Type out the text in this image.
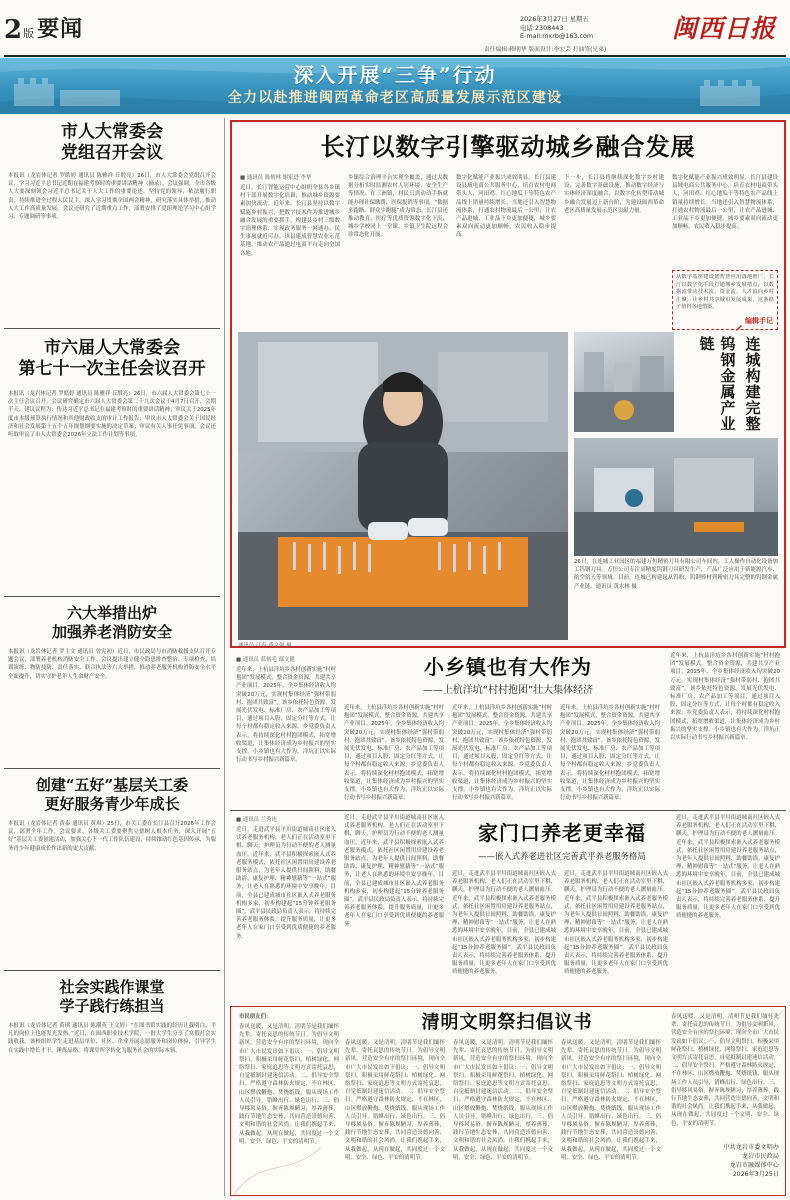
2 版 要闻	2026年3月27日 星期五
电话:2308443
E-mail:mxrb@163.com
责任编辑:赖明华 版面设计:李宏芸 打油签(兄弟)
闽西日报
深入开展“三争”行动
全力以赴推进闽西革命老区高质量发展示范区建设
市人大常委会
党组召开会议
本报讯（龙岩体记者 罗皓婷 通讯员 陈雅祥 丘殷亮）26日，市人大常委会党组召开会议，学习习近平总书记近期在福建考察时的重要讲话精神（摘录）。会议强调，全市各级人大要深刻领会习近平总书记关于人大工作的重要论述，坚持党的领导，依法履行职责，持续推进全过程人民民主，深入学习贯彻全国两会精神，研究落实具体举措，推动人大工作高质量发展。会议还研究了近期重点工作，部署安排了党组理论学习中心组学习、专题调研等事项。
市六届人大常委会
第七十一次主任会议召开
本报讯（龙岩体记者 罗皓婷 通讯员 陈雅祥 丘殷亮）26日，市六届人大常委会第七十一次主任会议召开。会议研究确定市六届人大常委会第二十九次会议于4月7日召开，会期半天。建议议程为：传达习近平总书记在福建考察时的重要讲话精神；审议关于2025年度市本级预算执行情况和其他财政收支的审计工作报告；审议市人大常委会关于国民经济和社会发展第十五个五年规划纲要实施的决定草案；审议有关人事任免事项。会议还听取审议了市人大常委会2026年立法工作计划等事项。
六大举措出炉
加强养老消防安全
本报讯（龙岩体记者 罗主文 通讯员 曾宪初）近日，市民政局与市消防救援支队召开专题会议，部署养老机构消防安全工作。会议提出建立健全隐患排查整治、专项检查、培训演练、物防技防、责任落实、联合执法等六大举措，推动养老服务机构消防安全水平全面提升，切实守护老年人生命财产安全。
创建“五好”基层关工委
更好服务青少年成长
本报讯（龙岩体记者 黄泰 通讯员 黄琪）25日，市关工委在长汀县召开2026年工作会议，部署全年工作。会议要求，各级关工委要聚焦立德树人根本任务，深入开展“五好”基层关工委创建活动，加强关心下一代工作队伍建设，持续推动红色基因传承，为服务青少年健康成长作出新的更大贡献。
社会实践作课堂
学子践行练担当
本报讯（龙岩体记者 黄琪 通讯员 陈潮英 王文婷）“在图书馆实践的经历让我明白，平凡的岗位上也能发光发热。”近日，在闽西职业技术学院，一批大学生分享了寒假社会实践收获。该校组织学生走进基层单位、社区、企业开展志愿服务和岗位体验，引导学生在实践中增长才干、锤炼品格，将课堂所学转化为服务社会的实际本领。
长汀以数字引擎驱动城乡融合发展
■ 通讯员 陈炳林 谢家进 李华
近日，长汀智能运营中心组织全县各乡镇村干部开展数字化培训，推动城乡资源要素加快流动。近年来，长汀县坚持以数字赋能乡村振兴，把数字技术作为推进城乡融合发展的重要抓手，构建县乡村三级数字治理体系，实现政务服务一网通办、民生事项就近可办。该县建成智慧农业示范基地，推动农产品通过电商平台走向全国各地。
乡镇综合治理平台实现全覆盖，通过大数据分析实时监测农村人居环境、安全生产等情况。在三洲镇，村民只需动动手指就能办理社保缴费、医保报销等事项，“数据多跑路、群众少跑腿”成为常态。长汀县还推动教育、医疗等优质资源数字化下沉，城乡学校同上一堂课，乡镇卫生院远程会诊常态化开展。
数字化赋能产业振兴成效明显。长汀县建设县域电商公共服务中心，培育农村电商带头人，河田鸡、红心地瓜干等特色农产品线上销量持续增长。当地还引入智慧物流体系，打通农村物流最后一公里，让农产品进城、工业品下乡更加便捷，城乡要素双向流动更加顺畅，农民收入稳步提高。
下一步，长汀县将继续深化数字乡村建设，完善数字基础设施，推动数字经济与实体经济深度融合，以数字化转型带动城乡融合发展迈上新台阶，为建设闽西革命老区高质量发展示范区贡献力量。
数字化赋能产业振兴成效明显。长汀县建设县域电商公共服务中心，培育农村电商带头人，河田鸡、红心地瓜干等特色农产品线上销量持续增长。当地还引入智慧物流体系，打通农村物流最后一公里，让农产品进城、工业品下乡更加便捷，城乡要素双向流动更加顺畅，农民收入稳步提高。
从数字基座建设到智慧应用落地推广，长汀以数字化手段打通城乡发展堵点，以数据流带动技术流、资金流、人才流向乡村汇聚，让乡村共享城市发展成果，这条路子值得各地借鉴。
编辑手记
通讯员 江春 黄文强 摄
连城构建完整
钨钢金属产业链
26日，在连城工业园区的福建万恒精密刀具有限公司车间内，工人操作自动化设备加工钨钢刀具。万恒公司专注高精度钨钢刀具研发生产，产品广泛应用于新能源汽车、航空航天等领域。目前，连城已构建起从钨粉、钨钢棒材到精密刀具完整的钨钢金属产业链。通讯员 黄水林 摄
■ 通讯员 蓝炳毛 鄢文健
近年来，上杭县洋坑乡各村创新实施“村村抱团”发展模式，整合资金资源，共建共享产业项目。2025年，全乡集体经济收入均突破20万元，实现村集体经济“强村带弱村、抱团共致富”。该乡依托特色资源，发展光伏发电、标准厂房、农产品加工等项目，通过项目入股、固定分红等方式，让每个村都有稳定收入来源。乡党委负责人表示，将持续深化村村抱团模式，拓宽增收渠道，让集体经济成为乡村振兴的坚实支撑。小乡镇也有大作为，洋坑正以实际行动书写乡村振兴新篇章。
小乡镇也有大作为
——上杭洋坑“村村抱团”壮大集体经济
近年来，上杭县洋坑乡各村创新实施“村村抱团”发展模式，整合资金资源，共建共享产业项目。2025年，全乡集体经济收入均突破20万元，实现村集体经济“强村带弱村、抱团共致富”。该乡依托特色资源，发展光伏发电、标准厂房、农产品加工等项目，通过项目入股、固定分红等方式，让每个村都有稳定收入来源。乡党委负责人表示，将持续深化村村抱团模式，拓宽增收渠道，让集体经济成为乡村振兴的坚实支撑。小乡镇也有大作为，洋坑正以实际行动书写乡村振兴新篇章。
近年来，上杭县洋坑乡各村创新实施“村村抱团”发展模式，整合资金资源，共建共享产业项目。2025年，全乡集体经济收入均突破20万元，实现村集体经济“强村带弱村、抱团共致富”。该乡依托特色资源，发展光伏发电、标准厂房、农产品加工等项目，通过项目入股、固定分红等方式，让每个村都有稳定收入来源。乡党委负责人表示，将持续深化村村抱团模式，拓宽增收渠道，让集体经济成为乡村振兴的坚实支撑。小乡镇也有大作为，洋坑正以实际行动书写乡村振兴新篇章。
近年来，上杭县洋坑乡各村创新实施“村村抱团”发展模式，整合资金资源，共建共享产业项目。2025年，全乡集体经济收入均突破20万元，实现村集体经济“强村带弱村、抱团共致富”。该乡依托特色资源，发展光伏发电、标准厂房、农产品加工等项目，通过项目入股、固定分红等方式，让每个村都有稳定收入来源。乡党委负责人表示，将持续深化村村抱团模式，拓宽增收渠道，让集体经济成为乡村振兴的坚实支撑。小乡镇也有大作为，洋坑正以实际行动书写乡村振兴新篇章。
近年来，上杭县洋坑乡各村创新实施“村村抱团”发展模式，整合资金资源，共建共享产业项目。2025年，全乡集体经济收入均突破20万元，实现村集体经济“强村带弱村、抱团共致富”。该乡依托特色资源，发展光伏发电、标准厂房、农产品加工等项目，通过项目入股、固定分红等方式，让每个村都有稳定收入来源。乡党委负责人表示，将持续深化村村抱团模式，拓宽增收渠道，让集体经济成为乡村振兴的坚实支撑。小乡镇也有大作为，洋坑正以实际行动书写乡村振兴新篇章。
■ 通讯员 兰秀连
近日，走进武平县平川街道城南社区嵌入式养老服务机构，老人们正在活动室里下棋、聊天，护理员为行动不便的老人测量血压。近年来，武平县积极探索嵌入式养老服务模式，依托社区闲置用房建设养老服务站点，为老年人提供日间照料、助餐助浴、康复护理、精神慰藉等“一站式”服务，让老人在熟悉的环境中安享晚年。目前，全县已建成城市社区嵌入式养老服务机构多家，初步构建起“15分钟养老服务圈”。武平县民政局负责人表示，将持续完善养老服务体系，提升服务质量，让更多老年人在家门口享受到优质便捷的养老服务。
近日，走进武平县平川街道城南社区嵌入式养老服务机构，老人们正在活动室里下棋、聊天，护理员为行动不便的老人测量血压。近年来，武平县积极探索嵌入式养老服务模式，依托社区闲置用房建设养老服务站点，为老年人提供日间照料、助餐助浴、康复护理、精神慰藉等“一站式”服务，让老人在熟悉的环境中安享晚年。目前，全县已建成城市社区嵌入式养老服务机构多家，初步构建起“15分钟养老服务圈”。武平县民政局负责人表示，将持续完善养老服务体系，提升服务质量，让更多老年人在家门口享受到优质便捷的养老服务。
家门口养老更幸福
——嵌入式养老进社区完善武平养老服务格局
近日，走进武平县平川街道城南社区嵌入式养老服务机构，老人们正在活动室里下棋、聊天，护理员为行动不便的老人测量血压。近年来，武平县积极探索嵌入式养老服务模式，依托社区闲置用房建设养老服务站点，为老年人提供日间照料、助餐助浴、康复护理、精神慰藉等“一站式”服务，让老人在熟悉的环境中安享晚年。目前，全县已建成城市社区嵌入式养老服务机构多家，初步构建起“15分钟养老服务圈”。武平县民政局负责人表示，将持续完善养老服务体系，提升服务质量，让更多老年人在家门口享受到优质便捷的养老服务。
近日，走进武平县平川街道城南社区嵌入式养老服务机构，老人们正在活动室里下棋、聊天，护理员为行动不便的老人测量血压。近年来，武平县积极探索嵌入式养老服务模式，依托社区闲置用房建设养老服务站点，为老年人提供日间照料、助餐助浴、康复护理、精神慰藉等“一站式”服务，让老人在熟悉的环境中安享晚年。目前，全县已建成城市社区嵌入式养老服务机构多家，初步构建起“15分钟养老服务圈”。武平县民政局负责人表示，将持续完善养老服务体系，提升服务质量，让更多老年人在家门口享受到优质便捷的养老服务。
近日，走进武平县平川街道城南社区嵌入式养老服务机构，老人们正在活动室里下棋、聊天，护理员为行动不便的老人测量血压。近年来，武平县积极探索嵌入式养老服务模式，依托社区闲置用房建设养老服务站点，为老年人提供日间照料、助餐助浴、康复护理、精神慰藉等“一站式”服务，让老人在熟悉的环境中安享晚年。目前，全县已建成城市社区嵌入式养老服务机构多家，初步构建起“15分钟养老服务圈”。武平县民政局负责人表示，将持续完善养老服务体系，提升服务质量，让更多老年人在家门口享受到优质便捷的养老服务。
市民朋友们：
春风送暖，又是清明。清明节是我们缅怀先辈、寄托哀思的传统节日。为倡导文明新风，营造安全有序的祭扫环境，现向全市广大市民发出如下倡议：一、倡导文明祭扫。积极采用鲜花祭扫、植树绿化、网络祭扫、家庭追思等文明方式寄托哀思，自觉抵制封建迷信活动。二、倡导安全祭扫。严格遵守森林防火规定，不在林区、山区燃放鞭炮、焚烧纸钱，服从现场工作人员引导，错峰出行、绿色出行。三、倡导移风易俗。摒弃陈规陋习，厚养薄葬，践行节地生态安葬，共同营造崇德向善、文明和谐的社会风尚。让我们携起手来，从我做起，从现在做起，共同度过一个文明、安全、绿色、平安的清明节。
清明文明祭扫倡议书
春风送暖，又是清明。清明节是我们缅怀先辈、寄托哀思的传统节日。为倡导文明新风，营造安全有序的祭扫环境，现向全市广大市民发出如下倡议：一、倡导文明祭扫。积极采用鲜花祭扫、植树绿化、网络祭扫、家庭追思等文明方式寄托哀思，自觉抵制封建迷信活动。二、倡导安全祭扫。严格遵守森林防火规定，不在林区、山区燃放鞭炮、焚烧纸钱，服从现场工作人员引导，错峰出行、绿色出行。三、倡导移风易俗。摒弃陈规陋习，厚养薄葬，践行节地生态安葬，共同营造崇德向善、文明和谐的社会风尚。让我们携起手来，从我做起，从现在做起，共同度过一个文明、安全、绿色、平安的清明节。
春风送暖，又是清明。清明节是我们缅怀先辈、寄托哀思的传统节日。为倡导文明新风，营造安全有序的祭扫环境，现向全市广大市民发出如下倡议：一、倡导文明祭扫。积极采用鲜花祭扫、植树绿化、网络祭扫、家庭追思等文明方式寄托哀思，自觉抵制封建迷信活动。二、倡导安全祭扫。严格遵守森林防火规定，不在林区、山区燃放鞭炮、焚烧纸钱，服从现场工作人员引导，错峰出行、绿色出行。三、倡导移风易俗。摒弃陈规陋习，厚养薄葬，践行节地生态安葬，共同营造崇德向善、文明和谐的社会风尚。让我们携起手来，从我做起，从现在做起，共同度过一个文明、安全、绿色、平安的清明节。
春风送暖，又是清明。清明节是我们缅怀先辈、寄托哀思的传统节日。为倡导文明新风，营造安全有序的祭扫环境，现向全市广大市民发出如下倡议：一、倡导文明祭扫。积极采用鲜花祭扫、植树绿化、网络祭扫、家庭追思等文明方式寄托哀思，自觉抵制封建迷信活动。二、倡导安全祭扫。严格遵守森林防火规定，不在林区、山区燃放鞭炮、焚烧纸钱，服从现场工作人员引导，错峰出行、绿色出行。三、倡导移风易俗。摒弃陈规陋习，厚养薄葬，践行节地生态安葬，共同营造崇德向善、文明和谐的社会风尚。让我们携起手来，从我做起，从现在做起，共同度过一个文明、安全、绿色、平安的清明节。
春风送暖，又是清明。清明节是我们缅怀先辈、寄托哀思的传统节日。为倡导文明新风，营造安全有序的祭扫环境，现向全市广大市民发出如下倡议：一、倡导文明祭扫。积极采用鲜花祭扫、植树绿化、网络祭扫、家庭追思等文明方式寄托哀思，自觉抵制封建迷信活动。二、倡导安全祭扫。严格遵守森林防火规定，不在林区、山区燃放鞭炮、焚烧纸钱，服从现场工作人员引导，错峰出行、绿色出行。三、倡导移风易俗。摒弃陈规陋习，厚养薄葬，践行节地生态安葬，共同营造崇德向善、文明和谐的社会风尚。让我们携起手来，从我做起，从现在做起，共同度过一个文明、安全、绿色、平安的清明节。
中共龙岩市委文明办
龙岩市民政局
龙岩市融媒体中心
2026年3月25日
